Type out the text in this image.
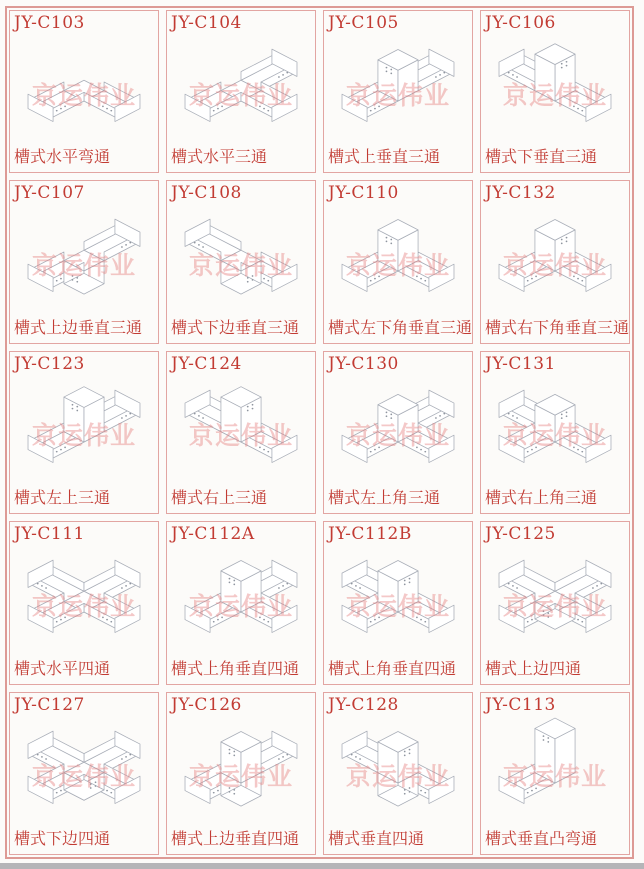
京运伟业
JY-C103
槽式水平弯通
京运伟业
JY-C104
槽式水平三通
京运伟业
JY-C105
槽式上垂直三通
京运伟业
JY-C106
槽式下垂直三通
京运伟业
JY-C107
槽式上边垂直三通
京运伟业
JY-C108
槽式下边垂直三通
京运伟业
JY-C110
槽式左下角垂直三通
京运伟业
JY-C132
槽式右下角垂直三通
京运伟业
JY-C123
槽式左上三通
京运伟业
JY-C124
槽式右上三通
京运伟业
JY-C130
槽式左上角三通
京运伟业
JY-C131
槽式右上角三通
京运伟业
JY-C111
槽式水平四通
京运伟业
JY-C112A
槽式上角垂直四通
京运伟业
JY-C112B
槽式上角垂直四通
京运伟业
JY-C125
槽式上边四通
京运伟业
JY-C127
槽式下边四通
京运伟业
JY-C126
槽式上边垂直四通
京运伟业
JY-C128
槽式垂直四通
京运伟业
JY-C113
槽式垂直凸弯通
